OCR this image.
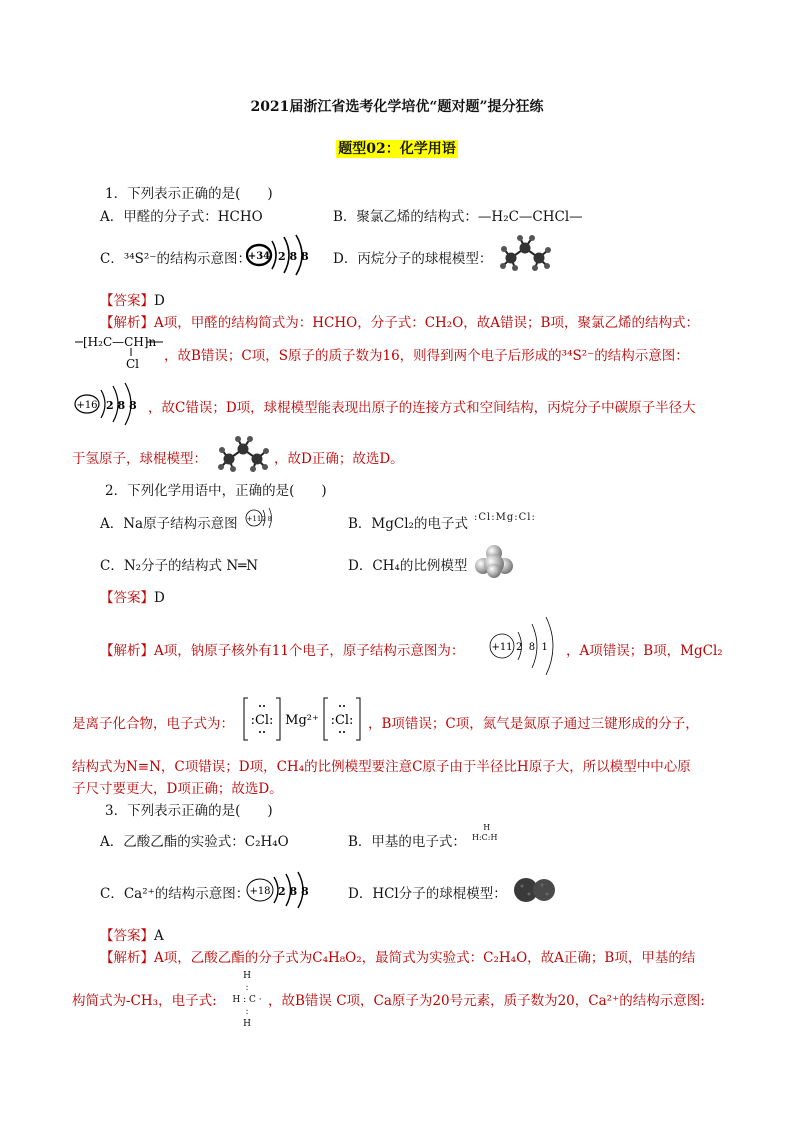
2021届浙江省选考化学培优“题对题”提分狂练
题型02：化学用语
1．下列表示正确的是(　　)
A．甲醛的分子式：HCHO	B．聚氯乙烯的结构式：—H₂C—CHCl—
C．³⁴S²⁻的结构示意图：
+34 2 8 8 D．丙烷分子的球棍模型：
【答案】D
【解析】A项，甲醛的结构简式为：HCHO，分子式：CH₂O，故A错误；B项，聚氯乙烯的结构式：
[H₂C—CH]n
Cl ，故B错误；C项，S原子的质子数为16，则得到两个电子后形成的³⁴S²⁻的结构示意图：
+16 2 8 8 ，故C错误；D项，球棍模型能表现出原子的连接方式和空间结构，丙烷分子中碳原子半径大
于氢原子，球棍模型：	，故D正确；故选D。
2．下列化学用语中，正确的是(　　)
A．Na原子结构示意图 +11 2 8	B．MgCl₂的电子式 :Cl:Mg:Cl:
C．N₂分子的结构式 N═N	D．CH₄的比例模型
【答案】D
【解析】A项，钠原子核外有11个电子，原子结构示意图为：	+11 2  8  1 ，A项错误；B项，MgCl₂
是离子化合物，电子式为： :Cl: Mg²⁺ :Cl: ，B项错误；C项，氮气是氮原子通过三键形成的分子，
结构式为N≡N，C项错误；D项，CH₄的比例模型要注意C原子由于半径比H原子大，所以模型中中心原
子尺寸要更大，D项正确；故选D。
3．下列表示正确的是(　　)
A．乙酸乙酯的实验式：C₂H₄O	B．甲基的电子式：
H
H:C:H
C．Ca²⁺的结构示意图： +18 2 8 8	D．HCl分子的球棍模型：
【答案】A
【解析】A项，乙酸乙酯的分子式为C₄H₈O₂，最简式为实验式：C₂H₄O，故A正确；B项，甲基的结
构简式为-CH₃，电子式:
H
:
H : C ·
:
H
，故B错误 C项，Ca原子为20号元素，质子数为20，Ca²⁺的结构示意图:
